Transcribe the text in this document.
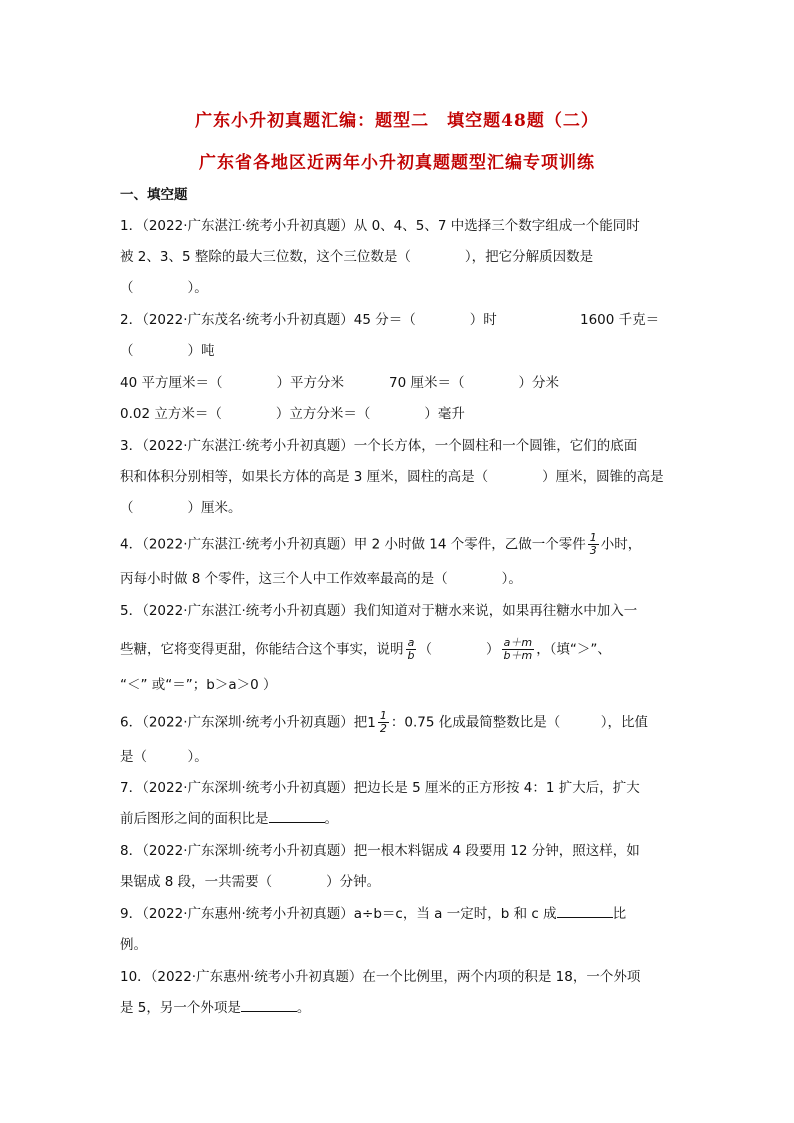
广东小升初真题汇编：题型二　填空题48题（二）
广东省各地区近两年小升初真题题型汇编专项训练
一、填空题
1．（2022·广东湛江·统考小升初真题）从 0、4、5、7 中选择三个数字组成一个能同时
被 2、3、5 整除的最大三位数，这个三位数是（　　　　），把它分解质因数是
（　　　　）。
2．（2022·广东茂名·统考小升初真题）45 分＝（　　　　）时	1600 千克＝
（　　　　）吨
40 平方厘米＝（　　　　）平方分米	70 厘米＝（　　　　）分米
0.02 立方米＝（　　　　）立方分米＝（　　　　）毫升
3．（2022·广东湛江·统考小升初真题）一个长方体，一个圆柱和一个圆锥，它们的底面
积和体积分别相等，如果长方体的高是 3 厘米，圆柱的高是（　　　　）厘米，圆锥的高是
（　　　　）厘米。
4．（2022·广东湛江·统考小升初真题）甲 2 小时做 14 个零件，乙做一个零件 $\frac{1}{3}$ 小时，
丙每小时做 8 个零件，这三个人中工作效率最高的是（　　　　）。
5．（2022·广东湛江·统考小升初真题）我们知道对于糖水来说，如果再往糖水中加入一
些糖，它将变得更甜，你能结合这个事实，说明 $\frac{a}{b}$ （　　　　） $\frac{a+m}{b+m}$ ，（填“＞”、
“＜” 或“＝”；b＞a＞0 ）
6．（2022·广东深圳·统考小升初真题）把 $1 \frac{1}{2}$ ：0.75 化成最简整数比是（　　　），比值
是（　　　）。
7．（2022·广东深圳·统考小升初真题）把边长是 5 厘米的正方形按 4：1 扩大后，扩大
前后图形之间的面积比是	。
8．（2022·广东深圳·统考小升初真题）把一根木料锯成 4 段要用 12 分钟，照这样，如
果锯成 8 段，一共需要（　　　　）分钟。
9．（2022·广东惠州·统考小升初真题）a÷b＝c，当 a 一定时，b 和 c 成	比
例。
10．（2022·广东惠州·统考小升初真题）在一个比例里，两个内项的积是 18，一个外项
是 5，另一个外项是	。
